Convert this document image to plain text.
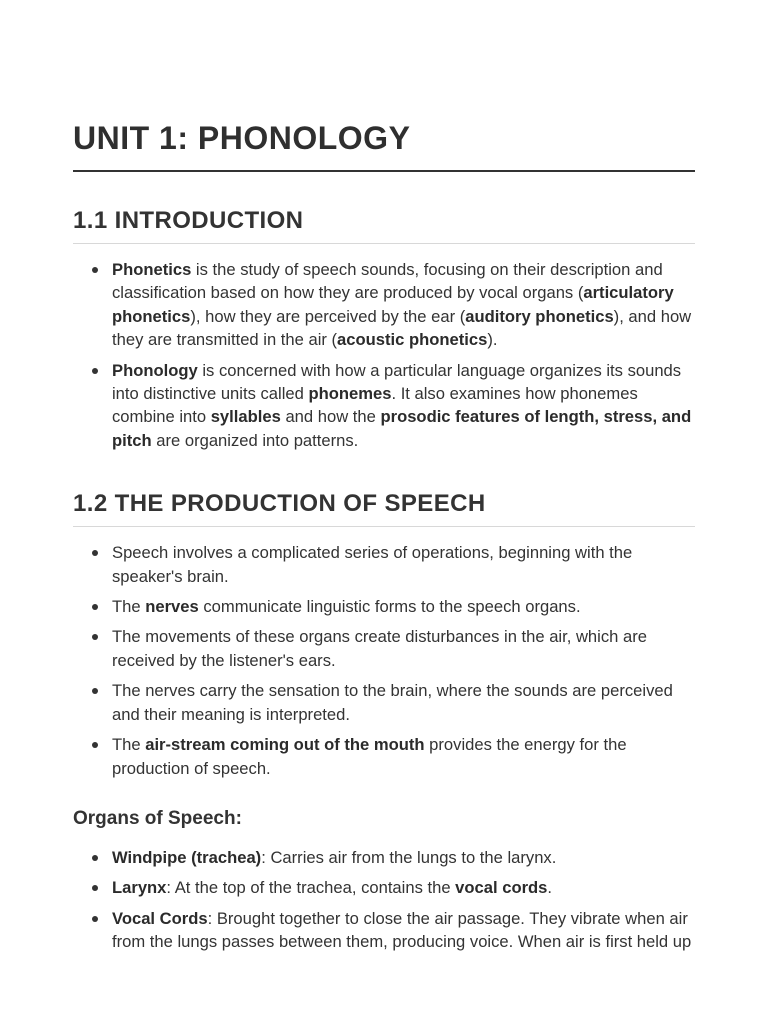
UNIT 1: PHONOLOGY
1.1 INTRODUCTION
Phonetics is the study of speech sounds, focusing on their description and classification based on how they are produced by vocal organs (articulatory phonetics), how they are perceived by the ear (auditory phonetics), and how they are transmitted in the air (acoustic phonetics).
Phonology is concerned with how a particular language organizes its sounds into distinctive units called phonemes. It also examines how phonemes combine into syllables and how the prosodic features of length, stress, and pitch are organized into patterns.
1.2 THE PRODUCTION OF SPEECH
Speech involves a complicated series of operations, beginning with the speaker's brain.
The nerves communicate linguistic forms to the speech organs.
The movements of these organs create disturbances in the air, which are received by the listener's ears.
The nerves carry the sensation to the brain, where the sounds are perceived and their meaning is interpreted.
The air-stream coming out of the mouth provides the energy for the production of speech.
Organs of Speech:
Windpipe (trachea): Carries air from the lungs to the larynx.
Larynx: At the top of the trachea, contains the vocal cords.
Vocal Cords: Brought together to close the air passage. They vibrate when air from the lungs passes between them, producing voice. When air is first held up
